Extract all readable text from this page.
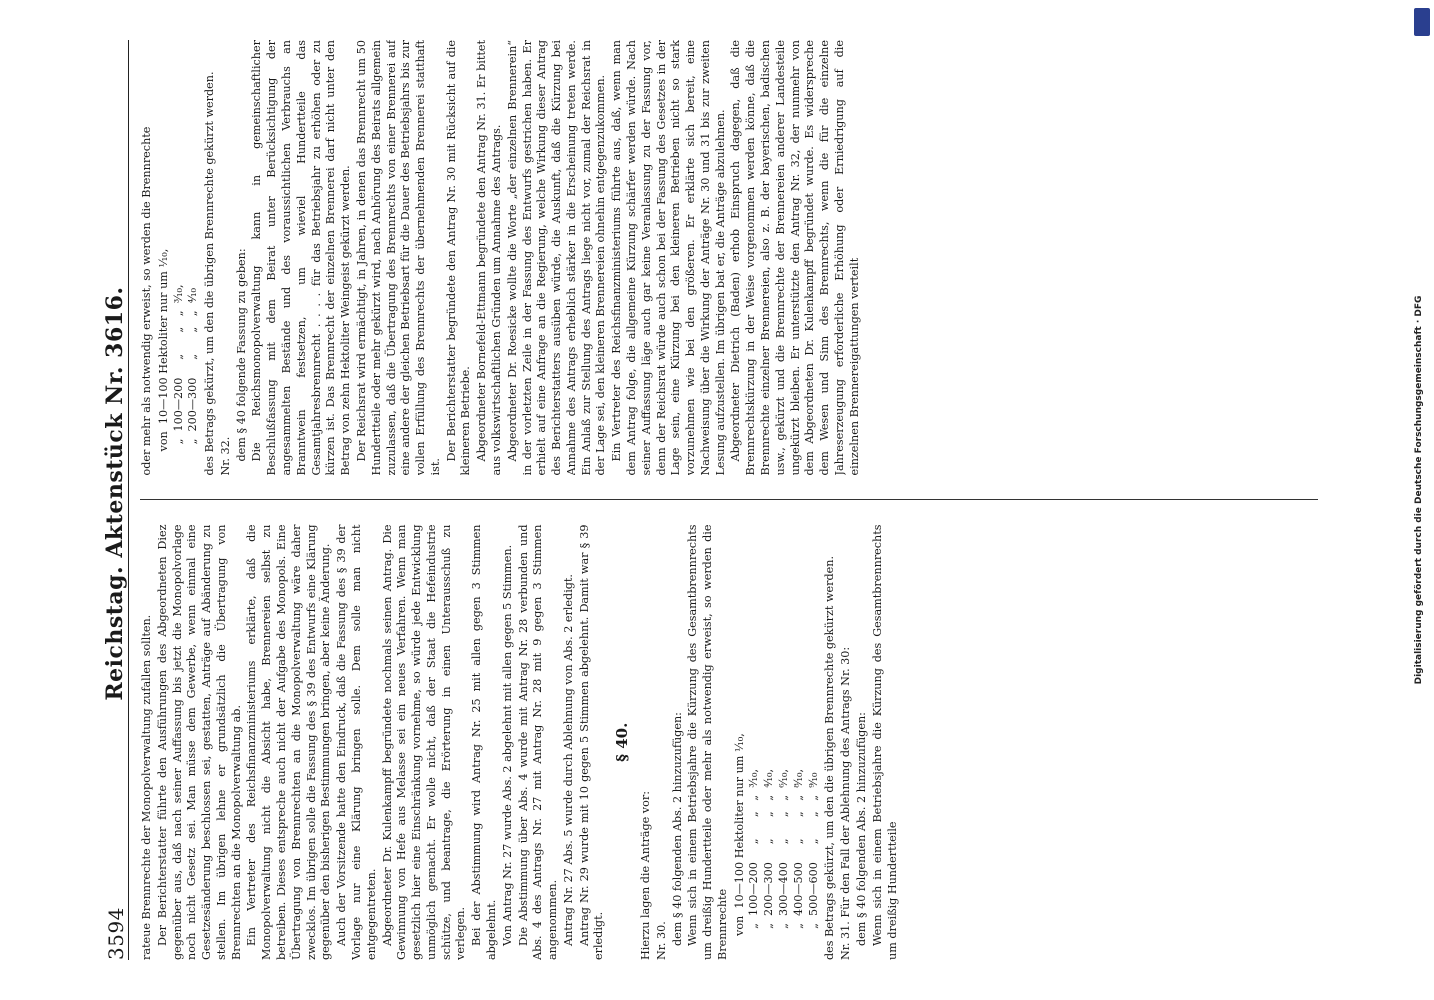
3594
Reichstag. Aktenstück Nr. 3616.

rateue Brennrechte der Monopolverwaltung zufallen sollten. Der Berichterstatter führte den Ausführungen des Abgeordneten Diez gegenüber aus, daß nach seiner Auffassung bis jetzt die Monopolvorlage noch nicht Gesetz sei. Man müsse dem Gewerbe, wenn einmal eine Gesetzesänderung beschlossen sei, gestatten, Anträge auf Abänderung zu stellen. Im übrigen lehne er grundsätzlich die Übertragung von Brennrechten an die Monopolverwaltung ab. Ein Vertreter des Reichsfinanzministeriums erklärte, daß die Monopolverwaltung nicht die Absicht habe, Brennereien selbst zu betreiben. Dieses entspreche auch nicht der Aufgabe des Monopols. Eine Übertragung von Brennrechten an die Monopolverwaltung wäre daher zwecklos. Im übrigen solle die Fassung des § 39 des Entwurfs eine Klärung gegenüber den bisherigen Bestimmungen bringen, aber keine Änderung. Auch der Vorsitzende hatte den Eindruck, daß die Fassung des § 39 der Vorlage nur eine Klärung bringen solle. Dem solle man nicht entgegentreten. Abgeordneter Dr. Kulenkampff begründete nochmals seinen Antrag. Die Gewinnung von Hefe aus Melasse sei ein neues Verfahren. Wenn man gesetzlich hier eine Einschränkung vornehme, so würde jede Entwicklung unmöglich gemacht. Er wolle nicht, daß der Staat die Hefeindustrie schütze, und beantrage, die Erörterung in einen Unterausschuß zu verlegen. Bei der Abstimmung wird Antrag Nr. 25 mit allen gegen 3 Stimmen abgelehnt. Von Antrag Nr. 27 wurde Abs. 2 abgelehnt mit allen gegen 5 Stimmen. Die Abstimmung über Abs. 4 wurde mit Antrag Nr. 28 verbunden und Abs. 4 des Antrags Nr. 27 mit Antrag Nr. 28 mit 9 gegen 3 Stimmen angenommen. Antrag Nr. 27 Abs. 5 wurde durch Ablehnung von Abs. 2 erledigt. Antrag Nr. 29 wurde mit 10 gegen 5 Stimmen abgelehnt. Damit war § 39 erledigt.

§ 40.

Hierzu lagen die Anträge vor: Nr. 30. dem § 40 folgenden Abs. 2 hinzuzufügen: Wenn sich in einem Betriebsjahre die Kürzung des Gesamtbrennrechts um dreißig Hundertteile oder mehr als notwendig erweist, so werden die Brennrechte von  10—100 Hektoliter nur um ¹⁄₁₀, „  100—200     „      „   „  ³⁄₁₀, „  200—300     „      „   „  ⁴⁄₁₀, „  300—400     „      „   „  ⁶⁄₁₀, „  400—500     „      „   „  ⁸⁄₁₀, „  500—600     „      „   „  ⁹⁄₁₀ des Betrags gekürzt, um den die übrigen Brennrechte gekürzt werden. Nr. 31. Für den Fall der Ablehnung des Antrags Nr. 30: dem § 40 folgenden Abs. 2 hinzuzufügen: Wenn sich in einem Betriebsjahre die Kürzung des Gesamtbrennrechts um dreißig Hundertteile

oder mehr als notwendig erweist, so werden die Brennrechte von  10—100 Hektoliter nur um ¹⁄₁₀, „  100—200     „      „   „  ³⁄₁₀, „  200—300     „      „   „  ⁴⁄₁₀ des Betrags gekürzt, um den die übrigen Brennrechte gekürzt werden. Nr. 32. dem § 40 folgende Fassung zu geben: Die Reichsmonopolverwaltung kann in gemeinschaftlicher Beschlußfassung mit dem Beirat unter Berücksichtigung der angesammelten Bestände und des voraussichtlichen Verbrauchs an Branntwein festsetzen, um wieviel Hundertteile das Gesamtjahresbrennrecht . . . . für das Betriebsjahr zu erhöhen oder zu kürzen ist. Das Brennrecht der einzelnen Brennerei darf nicht unter den Betrag von zehn Hektoliter Weingeist gekürzt werden. Der Reichsrat wird ermächtigt, in Jahren, in denen das Brennrecht um 50 Hundertteile oder mehr gekürzt wird, nach Anhörung des Beirats allgemein zuzulassen, daß die Übertragung des Brennrechts von einer Brennerei auf eine andere der gleichen Betriebsart für die Dauer des Betriebsjahrs bis zur vollen Erfüllung des Brennrechts der übernehmenden Brennerei statthaft ist.

Der Berichterstatter begründete den Antrag Nr. 30 mit Rücksicht auf die kleineren Betriebe. Abgeordneter Bornefeld-Ettmann begründete den Antrag Nr. 31. Er bittet aus volkswirtschaftlichen Gründen um Annahme des Antrags. Abgeordneter Dr. Roesicke wollte die Worte „der einzelnen Brennerein“ in der vorletzten Zeile in der Fassung des Entwurfs gestrichen haben. Er erhielt auf eine Anfrage an die Regierung, welche Wirkung dieser Antrag des Berichterstatters ausüben würde, die Auskunft, daß die Kürzung bei Annahme des Antrags erheblich stärker in die Erscheinung treten werde. Ein Anlaß zur Stellung des Antrags liege nicht vor, zumal der Reichsrat in der Lage sei, den kleineren Brennereien ohnehin entgegenzukommen. Ein Vertreter des Reichsfinanzministeriums führte aus, daß, wenn man dem Antrag folge, die allgemeine Kürzung schärfer werden würde. Nach seiner Auffassung läge auch gar keine Veranlassung zu der Fassung vor, denn der Reichsrat würde auch schon bei der Fassung des Gesetzes in der Lage sein, eine Kürzung bei den kleineren Betrieben nicht so stark vorzunehmen wie bei den größeren. Er erklärte sich bereit, eine Nachweisung über die Wirkung der Anträge Nr. 30 und 31 bis zur zweiten Lesung aufzustellen. Im übrigen bat er, die Anträge abzulehnen. Abgeordneter Dietrich (Baden) erhob Einspruch dagegen, daß die Brennrechtskürzung in der Weise vorgenommen werden könne, daß die Brennrechte einzelner Brennereien, also z. B. der bayerischen, badischen usw., gekürzt und die Brennrechte der Brennereien anderer Landesteile ungekürzt bleiben. Er unterstützte den Antrag Nr. 32, der nunmehr von dem Abgeordneten Dr. Kulenkampff begründet wurde. Es widerspreche dem Wesen und Sinn des Brennrechts, wenn die für die einzelne Jahreserzeugung erforderliche Erhöhung oder Erniedrigung auf die einzelnen Brennereigattungen verteilt	Digitalisierung gefördert durch die Deutsche Forschungsgemeinschaft · DFG
